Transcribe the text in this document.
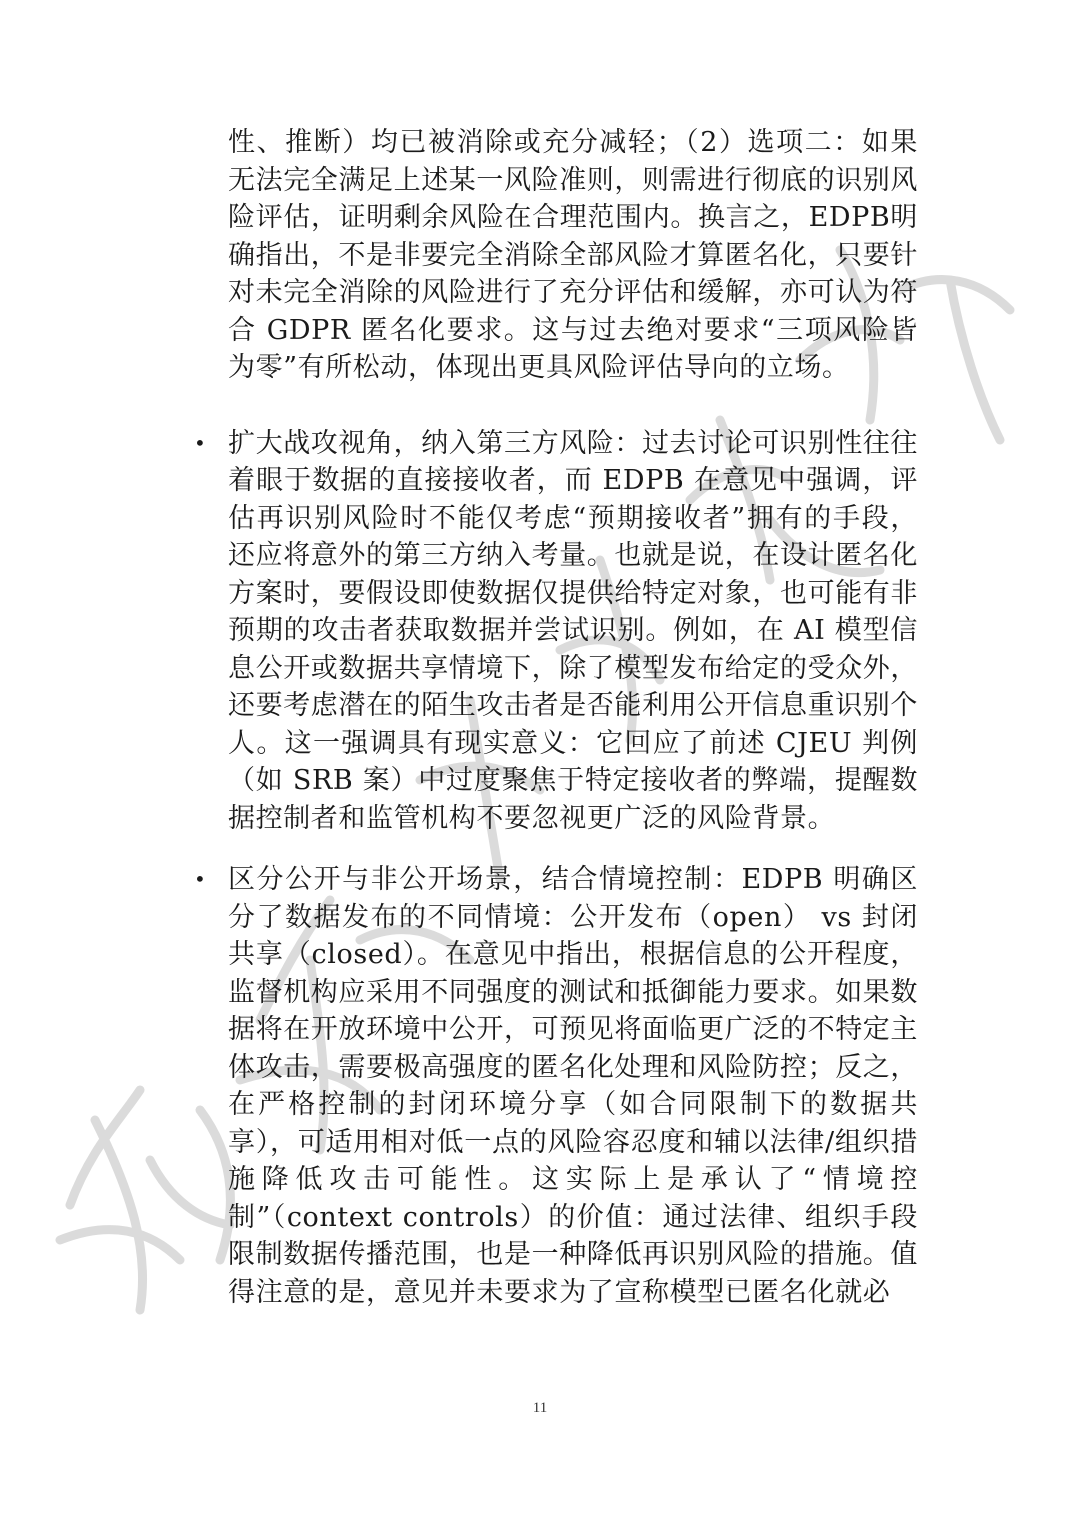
性、推断）均已被消除或充分减轻；（2）选项二：如果无法完全满足上述某一风险准则，则需进行彻底的识别风险评估，证明剩余风险在合理范围内。换言之，EDPB明确指出，不是非要完全消除全部风险才算匿名化，只要针对未完全消除的风险进行了充分评估和缓解，亦可认为符合 GDPR 匿名化要求。这与过去绝对要求“三项风险皆为零”有所松动，体现出更具风险评估导向的立场。

• 扩大战攻视角，纳入第三方风险：过去讨论可识别性往往着眼于数据的直接接收者，而 EDPB 在意见中强调，评估再识别风险时不能仅考虑“预期接收者”拥有的手段，还应将意外的第三方纳入考量。也就是说，在设计匿名化方案时，要假设即使数据仅提供给特定对象，也可能有非预期的攻击者获取数据并尝试识别。例如，在 AI 模型信息公开或数据共享情境下，除了模型发布给定的受众外，还要考虑潜在的陌生攻击者是否能利用公开信息重识别个人。这一强调具有现实意义：它回应了前述 CJEU 判例（如 SRB 案）中过度聚焦于特定接收者的弊端，提醒数据控制者和监管机构不要忽视更广泛的风险背景。

• 区分公开与非公开场景，结合情境控制：EDPB 明确区分了数据发布的不同情境：公开发布（open） vs 封闭共享（closed）。在意见中指出，根据信息的公开程度，监督机构应采用不同强度的测试和抵御能力要求。如果数据将在开放环境中公开，可预见将面临更广泛的不特定主体攻击，需要极高强度的匿名化处理和风险防控；反之，在严格控制的封闭环境分享（如合同限制下的数据共享），可适用相对低一点的风险容忍度和辅以法律/组织措施降低攻击可能性。这实际上是承认了“情境控制”（context controls）的价值：通过法律、组织手段限制数据传播范围，也是一种降低再识别风险的措施。值得注意的是，意见并未要求为了宣称模型已匿名化就必

11
